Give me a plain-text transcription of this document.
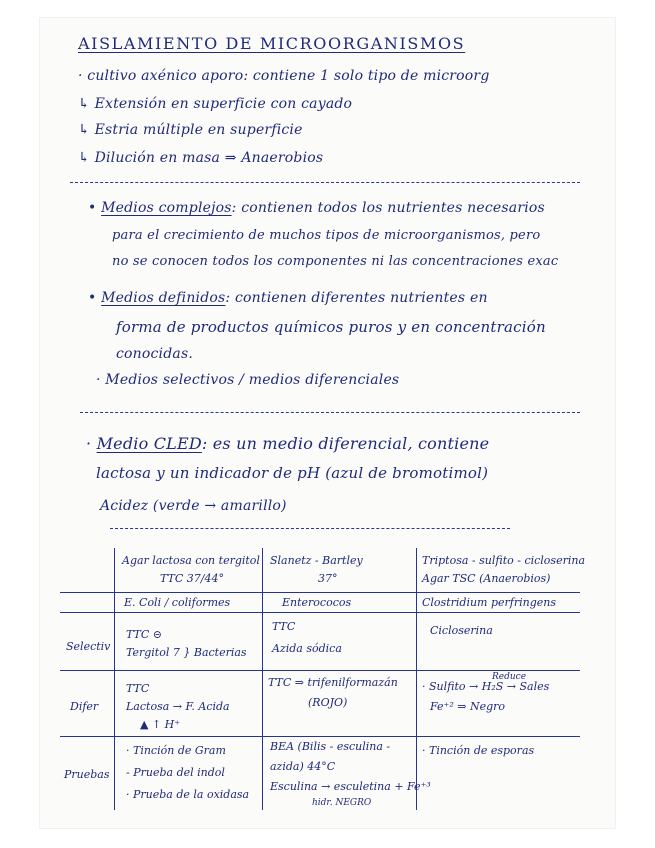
AISLAMIENTO DE MICROORGANISMOS
· cultivo axénico aporo: contiene 1 solo tipo de microorg
↳ Extensión en superficie con cayado
↳ Estria múltiple en superficie
↳ Dilución en masa ⇒ Anaerobios
• Medios complejos: contienen todos los nutrientes necesarios
para el crecimiento de muchos tipos de microorganismos, pero
no se conocen todos los componentes ni las concentraciones exac
• Medios definidos: contienen diferentes nutrientes en
forma de productos químicos puros y en concentración
conocidas.
· Medios selectivos / medios diferenciales
· Medio CLED: es un medio diferencial, contiene
lactosa y un indicador de pH (azul de bromotimol)
Acidez (verde → amarillo)
Agar lactosa con tergitol
TTC 37/44°
Slanetz - Bartley
37°
Triptosa - sulfito - cicloserina
Agar TSC (Anaerobios)
E. Coli / coliformes	Enterococos	Clostridium perfringens
Selectiv
TTC ⊝
Tergitol 7 } Bacterias
TTC
Azida sódica
Cicloserina
Difer
TTC
Lactosa → F. Acida
▲ ↑ H⁺
TTC ⇒ trifenilformazán
(ROJO)
Reduce
· Sulfito → H₂S → Sales
Fe⁺² ⇒ Negro
Pruebas
· Tinción de Gram
- Prueba del indol
· Prueba de la oxidasa
BEA (Bilis - esculina -
azida) 44°C
Esculina → esculetina + Fe⁺³
hidr. NEGRO
· Tinción de esporas
